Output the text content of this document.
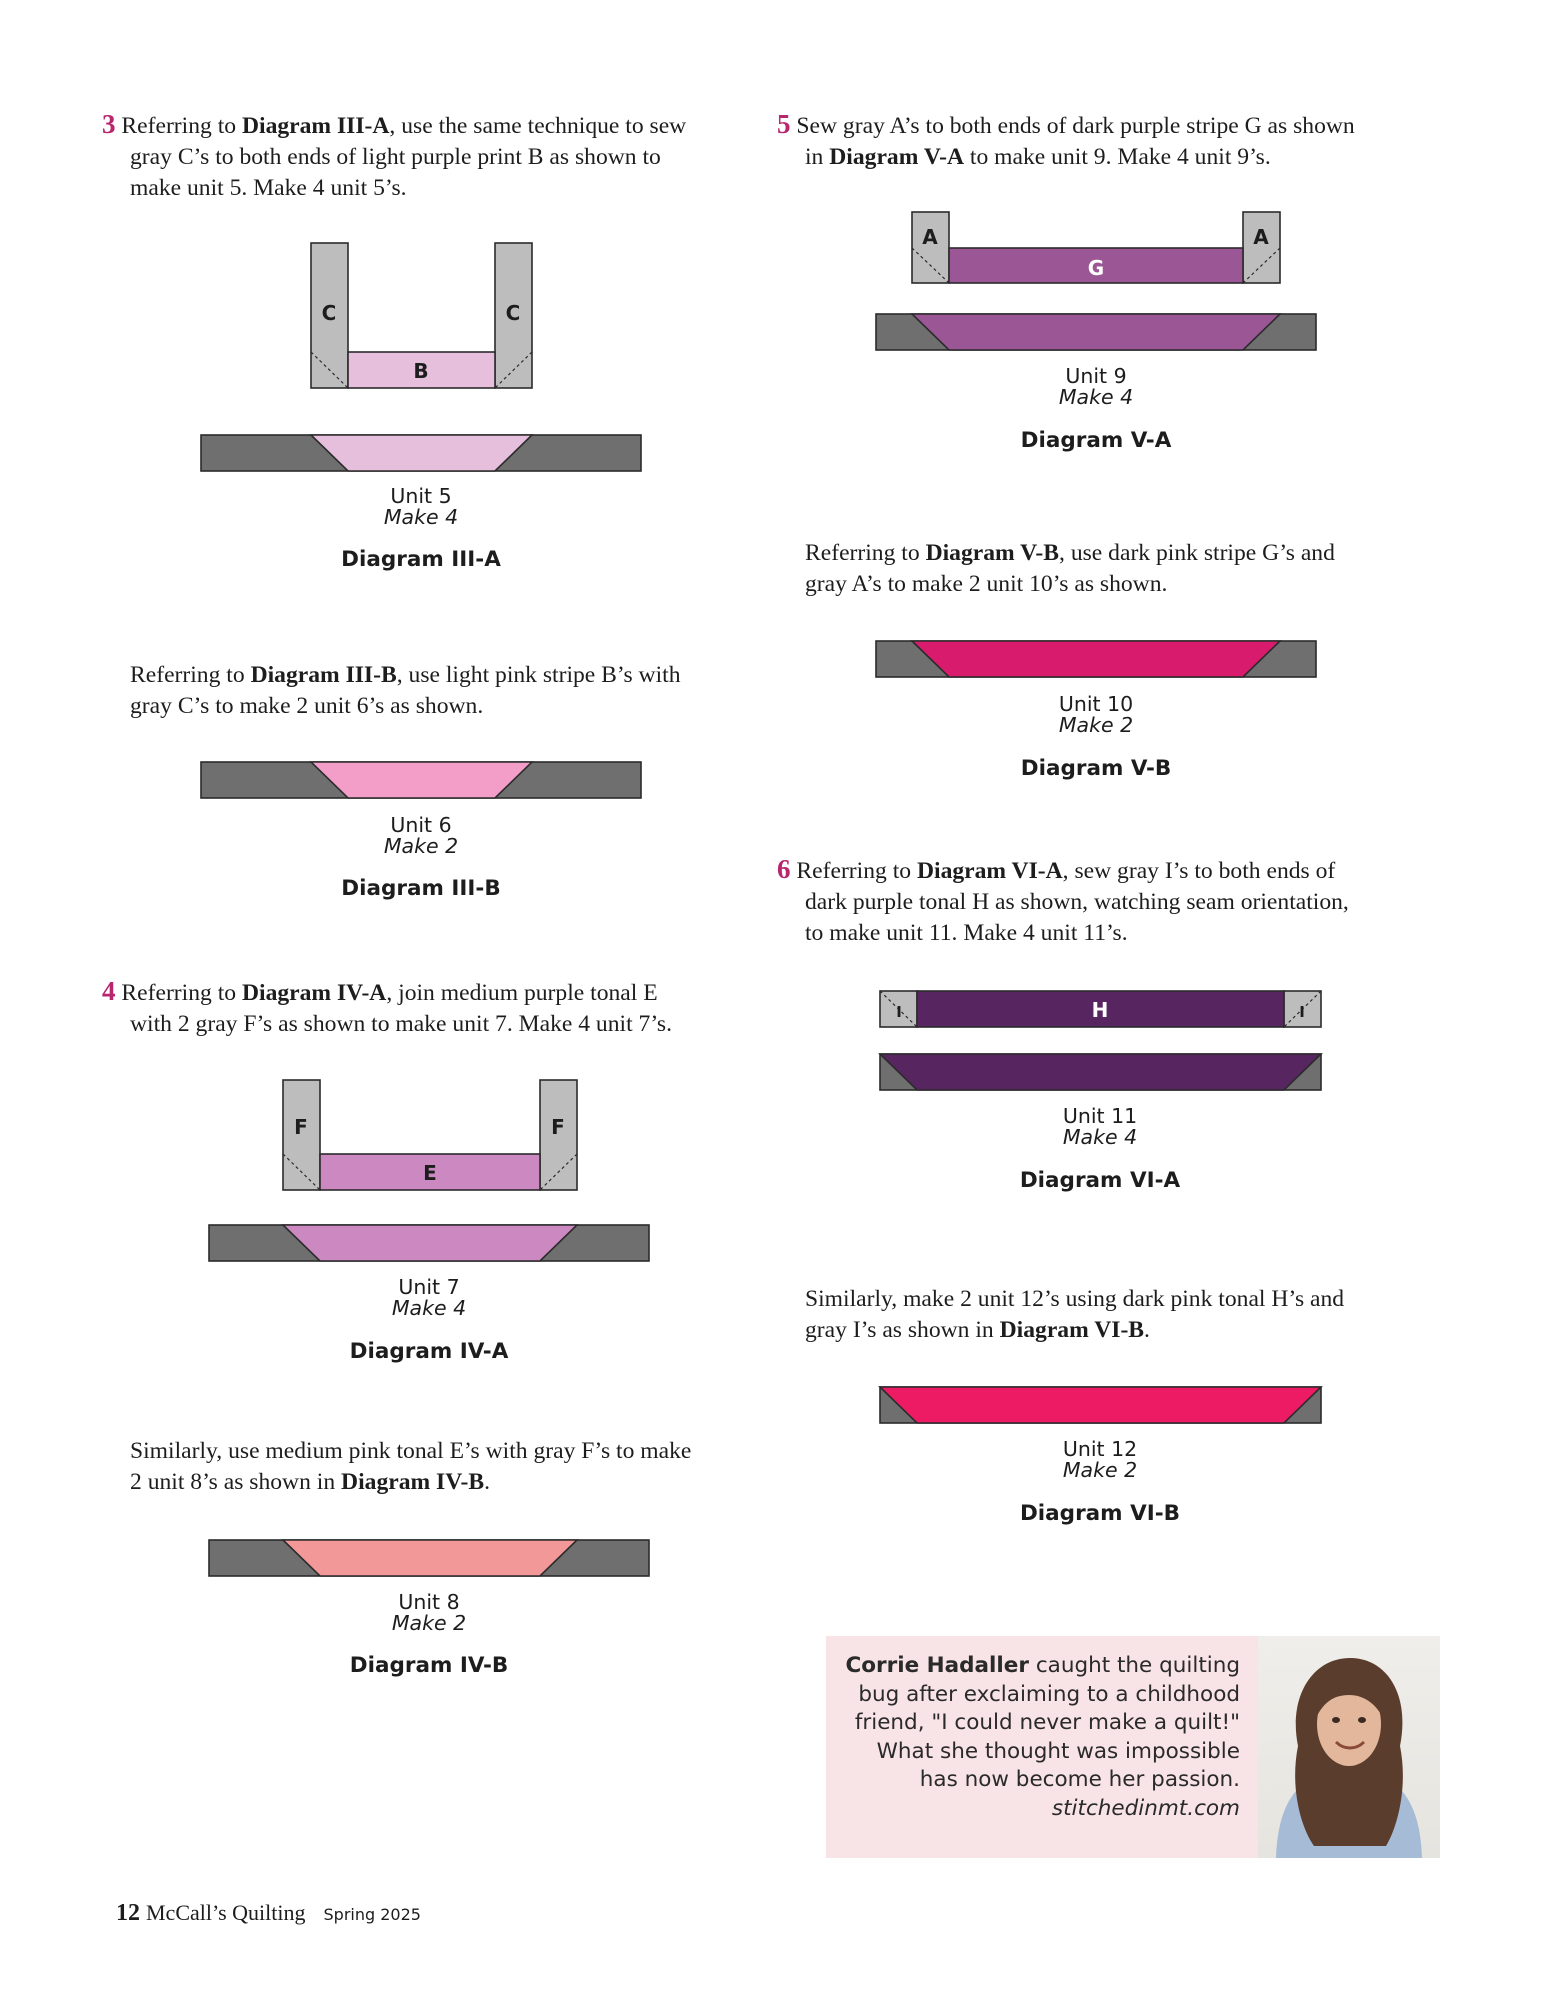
3 Referring to Diagram III-A, use the same technique to sew
gray C’s to both ends of light purple print B as shown to
make unit 5. Make 4 unit 5’s.
Referring to Diagram III-B, use light pink stripe B’s with
gray C’s to make 2 unit 6’s as shown.
4 Referring to Diagram IV-A, join medium purple tonal E
with 2 gray F’s as shown to make unit 7. Make 4 unit 7’s.
Similarly, use medium pink tonal E’s with gray F’s to make
2 unit 8’s as shown in Diagram IV-B.
5 Sew gray A’s to both ends of dark purple stripe G as shown
in Diagram V-A to make unit 9. Make 4 unit 9’s.
Referring to Diagram V-B, use dark pink stripe G’s and
gray A’s to make 2 unit 10’s as shown.
6 Referring to Diagram VI-A, sew gray I’s to both ends of
dark purple tonal H as shown, watching seam orientation,
to make unit 11. Make 4 unit 11’s.
Similarly, make 2 unit 12’s using dark pink tonal H’s and
gray I’s as shown in Diagram VI-B.
C	C
B
F	F
E
A	A
G
I	I
H
Unit 5
Make 4
Diagram III-A
Unit 6
Make 2
Diagram III-B
Unit 7
Make 4
Diagram IV-A
Unit 8
Make 2
Diagram IV-B
Unit 9
Make 4
Diagram V-A
Unit 10
Make 2
Diagram V-B
Unit 11
Make 4
Diagram VI-A
Unit 12
Make 2
Diagram VI-B
Corrie Hadaller caught the quilting
bug after exclaiming to a childhood
friend, "I could never make a quilt!"
What she thought was impossible
has now become her passion.
stitchedinmt.com
12 McCall’s Quilting Spring 2025
